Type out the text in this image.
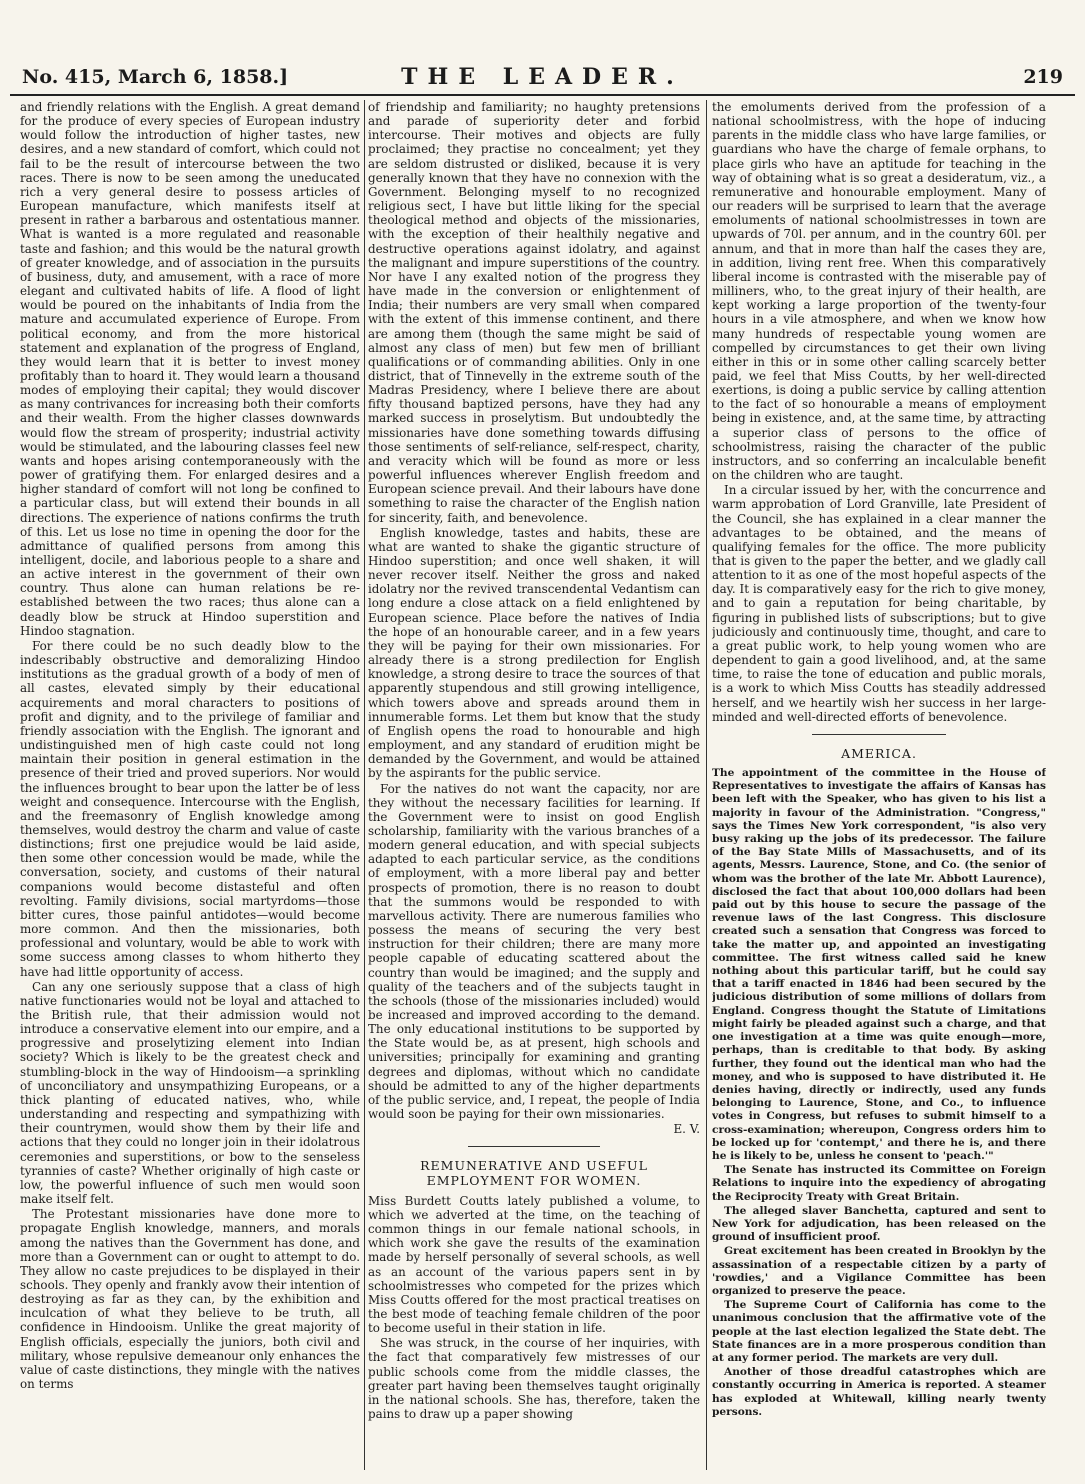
No. 415, March 6, 1858.]	THE LEADER.	219

and friendly relations with the English. A great demand for the produce of every species of European industry would follow the introduction of higher tastes, new desires, and a new standard of comfort, which could not fail to be the result of intercourse between the two races. There is now to be seen among the uneducated rich a very general desire to possess articles of European manufacture, which manifests itself at present in rather a barbarous and ostentatious manner. What is wanted is a more regulated and reasonable taste and fashion; and this would be the natural growth of greater knowledge, and of association in the pursuits of business, duty, and amusement, with a race of more elegant and cultivated habits of life. A flood of light would be poured on the inhabitants of India from the mature and accumulated experience of Europe. From political economy, and from the more historical statement and explanation of the progress of England, they would learn that it is better to invest money profitably than to hoard it. They would learn a thousand modes of employing their capital; they would discover as many contrivances for increasing both their comforts and their wealth. From the higher classes downwards would flow the stream of prosperity; industrial activity would be stimulated, and the labouring classes feel new wants and hopes arising contemporaneously with the power of gratifying them. For enlarged desires and a higher standard of comfort will not long be confined to a particular class, but will extend their bounds in all directions. The experience of nations confirms the truth of this. Let us lose no time in opening the door for the admittance of qualified persons from among this intelligent, docile, and laborious people to a share and an active interest in the government of their own country. Thus alone can human relations be re-established between the two races; thus alone can a deadly blow be struck at Hindoo superstition and Hindoo stagnation.

For there could be no such deadly blow to the indescribably obstructive and demoralizing Hindoo institutions as the gradual growth of a body of men of all castes, elevated simply by their educational acquirements and moral characters to positions of profit and dignity, and to the privilege of familiar and friendly association with the English. The ignorant and undistinguished men of high caste could not long maintain their position in general estimation in the presence of their tried and proved superiors. Nor would the influences brought to bear upon the latter be of less weight and consequence. Intercourse with the English, and the freemasonry of English knowledge among themselves, would destroy the charm and value of caste distinctions; first one prejudice would be laid aside, then some other concession would be made, while the conversation, society, and customs of their natural companions would become distasteful and often revolting. Family divisions, social martyrdoms—those bitter cures, those painful antidotes—would become more common. And then the missionaries, both professional and voluntary, would be able to work with some success among classes to whom hitherto they have had little opportunity of access.

Can any one seriously suppose that a class of high native functionaries would not be loyal and attached to the British rule, that their admission would not introduce a conservative element into our empire, and a progressive and proselytizing element into Indian society? Which is likely to be the greatest check and stumbling-block in the way of Hindooism—a sprinkling of unconciliatory and unsympathizing Europeans, or a thick planting of educated natives, who, while understanding and respecting and sympathizing with their countrymen, would show them by their life and actions that they could no longer join in their idolatrous ceremonies and superstitions, or bow to the senseless tyrannies of caste? Whether originally of high caste or low, the powerful influence of such men would soon make itself felt.

The Protestant missionaries have done more to propagate English knowledge, manners, and morals among the natives than the Government has done, and more than a Government can or ought to attempt to do. They allow no caste prejudices to be displayed in their schools. They openly and frankly avow their intention of destroying as far as they can, by the exhibition and inculcation of what they believe to be truth, all confidence in Hindooism. Unlike the great majority of English officials, especially the juniors, both civil and military, whose repulsive demeanour only enhances the value of caste distinctions, they mingle with the natives on terms

of friendship and familiarity; no haughty pretensions and parade of superiority deter and forbid intercourse. Their motives and objects are fully proclaimed; they practise no concealment; yet they are seldom distrusted or disliked, because it is very generally known that they have no connexion with the Government. Belonging myself to no recognized religious sect, I have but little liking for the special theological method and objects of the missionaries, with the exception of their healthily negative and destructive operations against idolatry, and against the malignant and impure superstitions of the country. Nor have I any exalted notion of the progress they have made in the conversion or enlightenment of India; their numbers are very small when compared with the extent of this immense continent, and there are among them (though the same might be said of almost any class of men) but few men of brilliant qualifications or of commanding abilities. Only in one district, that of Tinnevelly in the extreme south of the Madras Presidency, where I believe there are about fifty thousand baptized persons, have they had any marked success in proselytism. But undoubtedly the missionaries have done something towards diffusing those sentiments of self-reliance, self-respect, charity, and veracity which will be found as more or less powerful influences wherever English freedom and European science prevail. And their labours have done something to raise the character of the English nation for sincerity, faith, and benevolence.

English knowledge, tastes and habits, these are what are wanted to shake the gigantic structure of Hindoo superstition; and once well shaken, it will never recover itself. Neither the gross and naked idolatry nor the revived transcendental Vedantism can long endure a close attack on a field enlightened by European science. Place before the natives of India the hope of an honourable career, and in a few years they will be paying for their own missionaries. For already there is a strong predilection for English knowledge, a strong desire to trace the sources of that apparently stupendous and still growing intelligence, which towers above and spreads around them in innumerable forms. Let them but know that the study of English opens the road to honourable and high employment, and any standard of erudition might be demanded by the Government, and would be attained by the aspirants for the public service.

For the natives do not want the capacity, nor are they without the necessary facilities for learning. If the Government were to insist on good English scholarship, familiarity with the various branches of a modern general education, and with special subjects adapted to each particular service, as the conditions of employment, with a more liberal pay and better prospects of promotion, there is no reason to doubt that the summons would be responded to with marvellous activity. There are numerous families who possess the means of securing the very best instruction for their children; there are many more people capable of educating scattered about the country than would be imagined; and the supply and quality of the teachers and of the subjects taught in the schools (those of the missionaries included) would be increased and improved according to the demand. The only educational institutions to be supported by the State would be, as at present, high schools and universities; principally for examining and granting degrees and diplomas, without which no candidate should be admitted to any of the higher departments of the public service, and, I repeat, the people of India would soon be paying for their own missionaries.

E. V.

REMUNERATIVE AND USEFUL EMPLOYMENT FOR WOMEN.

Miss Burdett Coutts lately published a volume, to which we adverted at the time, on the teaching of common things in our female national schools, in which work she gave the results of the examination made by herself personally of several schools, as well as an account of the various papers sent in by schoolmistresses who competed for the prizes which Miss Coutts offered for the most practical treatises on the best mode of teaching female children of the poor to become useful in their station in life.

She was struck, in the course of her inquiries, with the fact that comparatively few mistresses of our public schools come from the middle classes, the greater part having been themselves taught originally in the national schools. She has, therefore, taken the pains to draw up a paper showing

the emoluments derived from the profession of a national schoolmistress, with the hope of inducing parents in the middle class who have large families, or guardians who have the charge of female orphans, to place girls who have an aptitude for teaching in the way of obtaining what is so great a desideratum, viz., a remunerative and honourable employment. Many of our readers will be surprised to learn that the average emoluments of national schoolmistresses in town are upwards of 70l. per annum, and in the country 60l. per annum, and that in more than half the cases they are, in addition, living rent free. When this comparatively liberal income is contrasted with the miserable pay of milliners, who, to the great injury of their health, are kept working a large proportion of the twenty-four hours in a vile atmosphere, and when we know how many hundreds of respectable young women are compelled by circumstances to get their own living either in this or in some other calling scarcely better paid, we feel that Miss Coutts, by her well-directed exertions, is doing a public service by calling attention to the fact of so honourable a means of employment being in existence, and, at the same time, by attracting a superior class of persons to the office of schoolmistress, raising the character of the public instructors, and so conferring an incalculable benefit on the children who are taught.

In a circular issued by her, with the concurrence and warm approbation of Lord Granville, late President of the Council, she has explained in a clear manner the advantages to be obtained, and the means of qualifying females for the office. The more publicity that is given to the paper the better, and we gladly call attention to it as one of the most hopeful aspects of the day. It is comparatively easy for the rich to give money, and to gain a reputation for being charitable, by figuring in published lists of subscriptions; but to give judiciously and continuously time, thought, and care to a great public work, to help young women who are dependent to gain a good livelihood, and, at the same time, to raise the tone of education and public morals, is a work to which Miss Coutts has steadily addressed herself, and we heartily wish her success in her large-minded and well-directed efforts of benevolence.

AMERICA.

The appointment of the committee in the House of Representatives to investigate the affairs of Kansas has been left with the Speaker, who has given to his list a majority in favour of the Administration. "Congress," says the Times New York correspondent, "is also very busy raking up the jobs of its predecessor. The failure of the Bay State Mills of Massachusetts, and of its agents, Messrs. Laurence, Stone, and Co. (the senior of whom was the brother of the late Mr. Abbott Laurence), disclosed the fact that about 100,000 dollars had been paid out by this house to secure the passage of the revenue laws of the last Congress. This disclosure created such a sensation that Congress was forced to take the matter up, and appointed an investigating committee. The first witness called said he knew nothing about this particular tariff, but he could say that a tariff enacted in 1846 had been secured by the judicious distribution of some millions of dollars from England. Congress thought the Statute of Limitations might fairly be pleaded against such a charge, and that one investigation at a time was quite enough—more, perhaps, than is creditable to that body. By asking further, they found out the identical man who had the money, and who is supposed to have distributed it. He denies having, directly or indirectly, used any funds belonging to Laurence, Stone, and Co., to influence votes in Congress, but refuses to submit himself to a cross-examination; whereupon, Congress orders him to be locked up for 'contempt,' and there he is, and there he is likely to be, unless he consent to 'peach.'"

The Senate has instructed its Committee on Foreign Relations to inquire into the expediency of abrogating the Reciprocity Treaty with Great Britain.

The alleged slaver Banchetta, captured and sent to New York for adjudication, has been released on the ground of insufficient proof.

Great excitement has been created in Brooklyn by the assassination of a respectable citizen by a party of 'rowdies,' and a Vigilance Committee has been organized to preserve the peace.

The Supreme Court of California has come to the unanimous conclusion that the affirmative vote of the people at the last election legalized the State debt. The State finances are in a more prosperous condition than at any former period. The markets are very dull.

Another of those dreadful catastrophes which are constantly occurring in America is reported. A steamer has exploded at Whitewall, killing nearly twenty persons.
